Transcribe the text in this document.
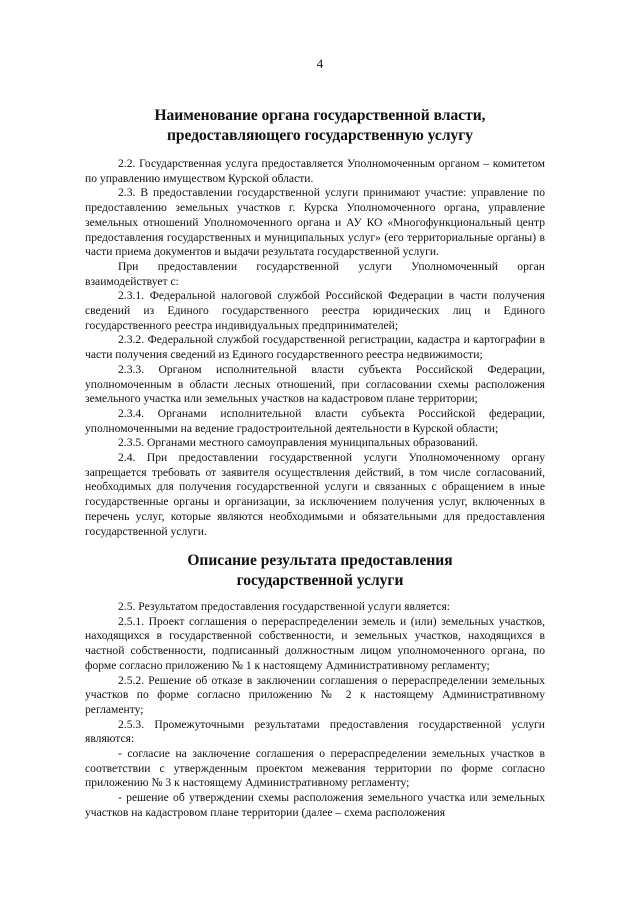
4
Наименование органа государственной власти,
предоставляющего государственную услугу

2.2. Государственная услуга предоставляется Уполномоченным органом – комитетом по управлению имуществом Курской области.

2.3. В предоставлении государственной услуги принимают участие: управление по предоставлению земельных участков г. Курска Уполномоченного органа, управление земельных отношений Уполномоченного органа и АУ КО «Многофункциональный центр предоставления государственных и муниципальных услуг» (его территориальные органы) в части приема документов и выдачи результата государственной услуги.

При предоставлении государственной услуги Уполномоченный орган взаимодействует с:

2.3.1. Федеральной налоговой службой Российской Федерации в части получения сведений из Единого государственного реестра юридических лиц и Единого государственного реестра индивидуальных предпринимателей;

2.3.2. Федеральной службой государственной регистрации, кадастра и картографии в части получения сведений из Единого государственного реестра недвижимости;

2.3.3. Органом исполнительной власти субъекта Российской Федерации, уполномоченным в области лесных отношений, при согласовании схемы расположения земельного участка или земельных участков на кадастровом плане территории;

2.3.4. Органами исполнительной власти субъекта Российской федерации, уполномоченными на ведение градостроительной деятельности в Курской области;

2.3.5. Органами местного самоуправления муниципальных образований.

2.4. При предоставлении государственной услуги Уполномоченному органу запрещается требовать от заявителя осуществления действий, в том числе согласований, необходимых для получения государственной услуги и связанных с обращением в иные государственные органы и организации, за исключением получения услуг, включенных в перечень услуг, которые являются необходимыми и обязательными для предоставления государственной услуги.

Описание результата предоставления
государственной услуги

2.5. Результатом предоставления государственной услуги является:

2.5.1. Проект соглашения о перераспределении земель и (или) земельных участков, находящихся в государственной собственности, и земельных участков, находящихся в частной собственности, подписанный должностным лицом уполномоченного органа, по форме согласно приложению № 1 к настоящему Административному регламенту;

2.5.2. Решение об отказе в заключении соглашения о перераспределении земельных участков по форме согласно приложению № 2 к настоящему Административному регламенту;

2.5.3. Промежуточными результатами предоставления государственной услуги являются:

- согласие на заключение соглашения о перераспределении земельных участков в соответствии с утвержденным проектом межевания территории по форме согласно приложению № 3 к настоящему Административному регламенту;

- решение об утверждении схемы расположения земельного участка или земельных участков на кадастровом плане территории (далее – схема расположения
